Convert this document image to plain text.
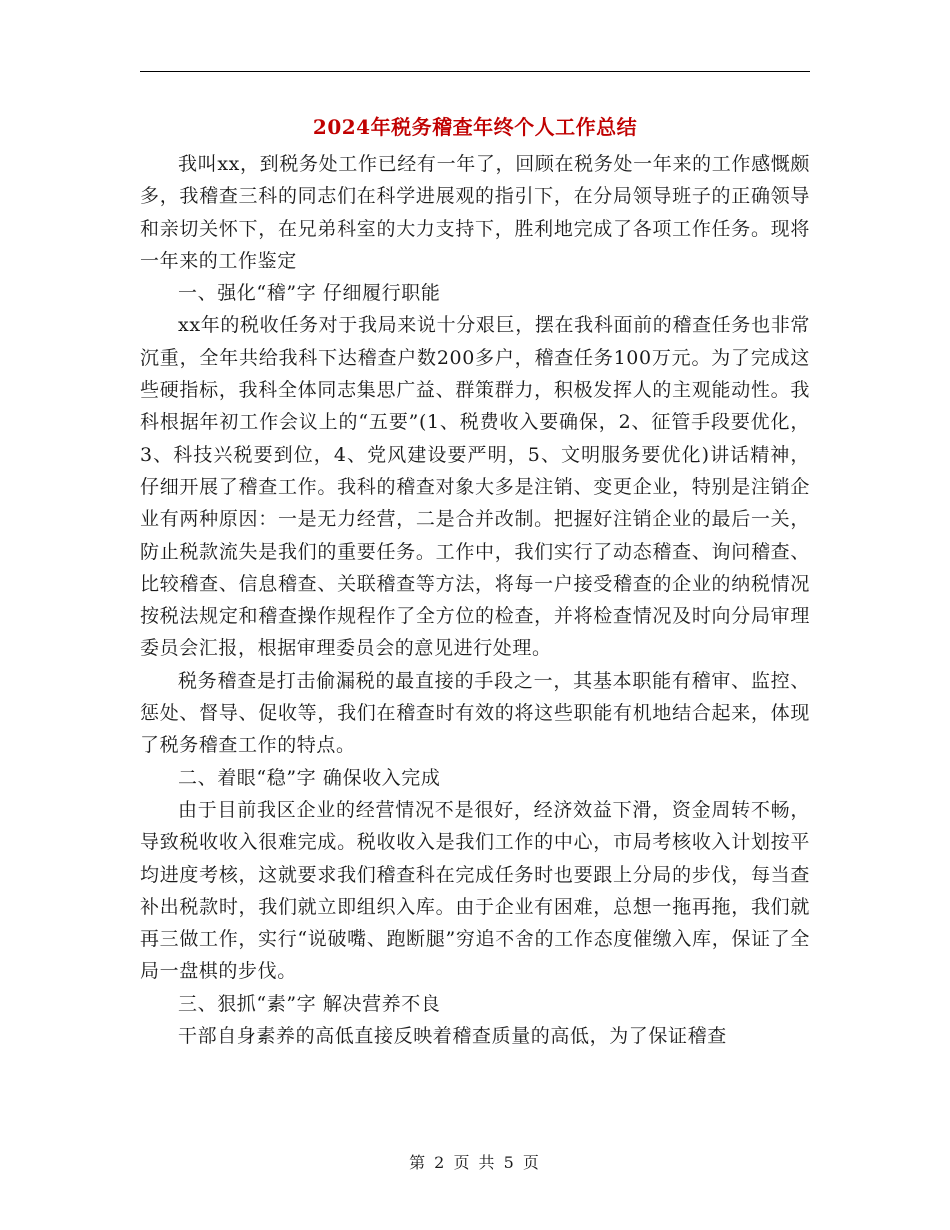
2024年税务稽查年终个人工作总结

我叫xx，到税务处工作已经有一年了，回顾在税务处一年来的工作感慨颇多，我稽查三科的同志们在科学进展观的指引下，在分局领导班子的正确领导和亲切关怀下，在兄弟科室的大力支持下，胜利地完成了各项工作任务。现将一年来的工作鉴定

一、强化“稽”字 仔细履行职能

xx年的税收任务对于我局来说十分艰巨，摆在我科面前的稽查任务也非常沉重，全年共给我科下达稽查户数200多户，稽查任务100万元。为了完成这些硬指标，我科全体同志集思广益、群策群力，积极发挥人的主观能动性。我科根据年初工作会议上的“五要”(1、税费收入要确保，2、征管手段要优化，3、科技兴税要到位，4、党风建设要严明，5、文明服务要优化)讲话精神，仔细开展了稽查工作。我科的稽查对象大多是注销、变更企业，特别是注销企业有两种原因：一是无力经营，二是合并改制。把握好注销企业的最后一关，防止税款流失是我们的重要任务。工作中，我们实行了动态稽查、询问稽查、比较稽查、信息稽查、关联稽查等方法，将每一户接受稽查的企业的纳税情况按税法规定和稽查操作规程作了全方位的检查，并将检查情况及时向分局审理委员会汇报，根据审理委员会的意见进行处理。

税务稽查是打击偷漏税的最直接的手段之一，其基本职能有稽审、监控、惩处、督导、促收等，我们在稽查时有效的将这些职能有机地结合起来，体现了税务稽查工作的特点。

二、着眼“稳”字 确保收入完成

由于目前我区企业的经营情况不是很好，经济效益下滑，资金周转不畅，导致税收收入很难完成。税收收入是我们工作的中心，市局考核收入计划按平均进度考核，这就要求我们稽查科在完成任务时也要跟上分局的步伐，每当查补出税款时，我们就立即组织入库。由于企业有困难，总想一拖再拖，我们就再三做工作，实行“说破嘴、跑断腿”穷追不舍的工作态度催缴入库，保证了全局一盘棋的步伐。

三、狠抓“素”字 解决营养不良

干部自身素养的高低直接反映着稽查质量的高低，为了保证稽查

第 2 页 共 5 页
